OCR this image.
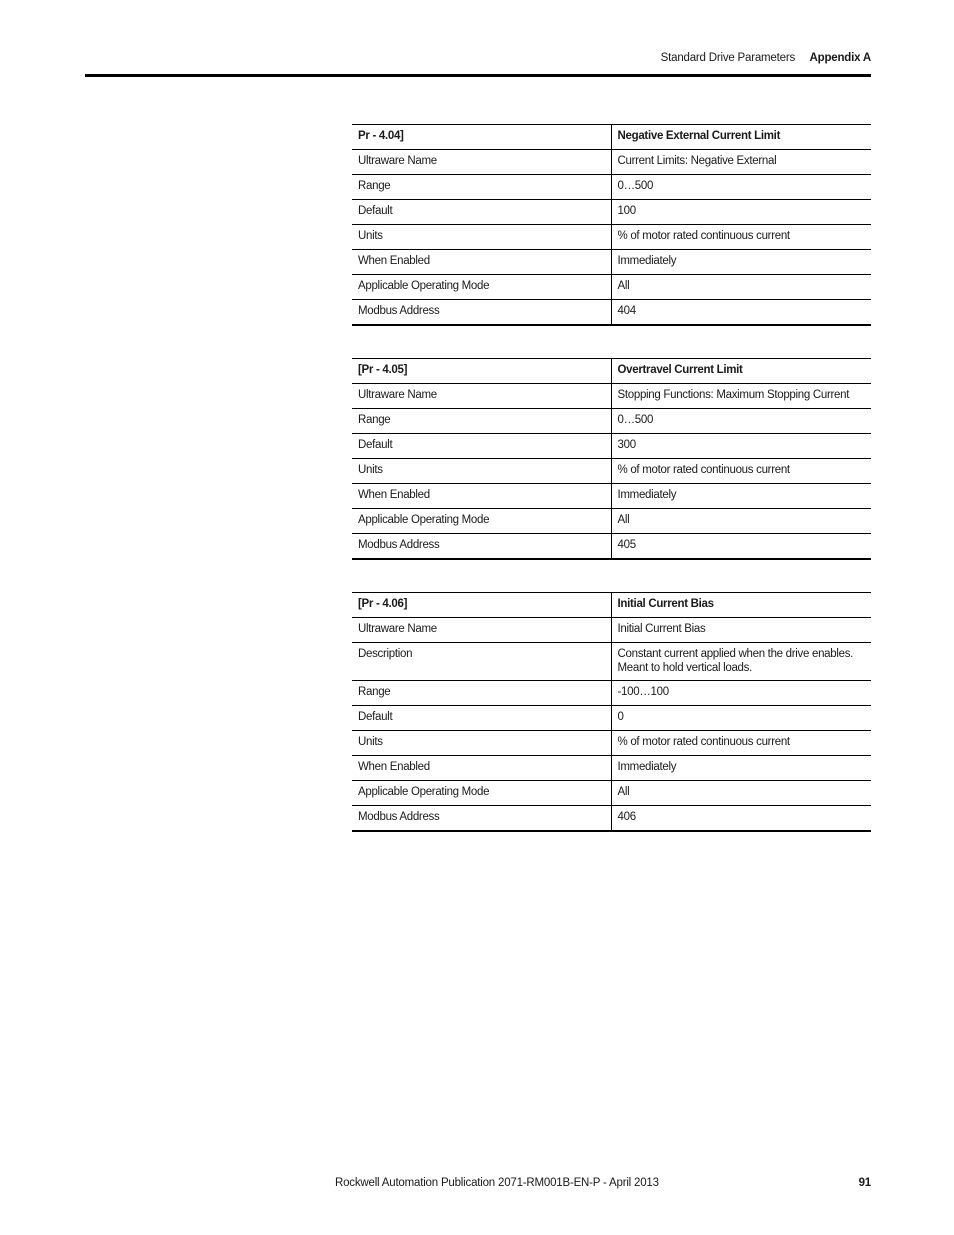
Standard Drive Parameters Appendix A
Pr - 4.04]	Negative External Current Limit
Ultraware Name	Current Limits: Negative External
Range	0…500
Default	100
Units	% of motor rated continuous current
When Enabled	Immediately
Applicable Operating Mode	All
Modbus Address	404
[Pr - 4.05]	Overtravel Current Limit
Ultraware Name	Stopping Functions: Maximum Stopping Current
Range	0…500
Default	300
Units	% of motor rated continuous current
When Enabled	Immediately
Applicable Operating Mode	All
Modbus Address	405
[Pr - 4.06]	Initial Current Bias
Ultraware Name	Initial Current Bias
Description	Constant current applied when the drive enables. Meant to hold vertical loads.
Range	-100…100
Default	0
Units	% of motor rated continuous current
When Enabled	Immediately
Applicable Operating Mode	All
Modbus Address	406
Rockwell Automation Publication 2071-RM001B-EN-P - April 2013	91
